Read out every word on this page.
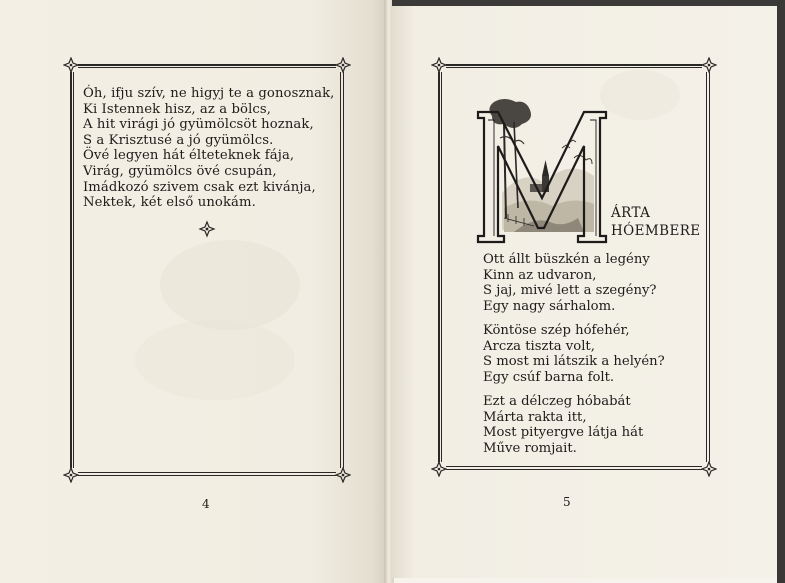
Óh, ifju szív, ne higyj te a gonosznak,
Ki Istennek hisz, az a bölcs,
A hit virági jó gyümölcsöt hoznak,
S a Krisztusé a jó gyümölcs.
Övé legyen hát élteteknek fája,
Virág, gyümölcs övé csupán,
Imádkozó szivem csak ezt kivánja,
Nektek, két első unokám.
4
ÁRTA
HÓEMBERE
Ott állt büszkén a legény
Kinn az udvaron,
S jaj, mivé lett a szegény?
Egy nagy sárhalom.
Köntöse szép hófehér,
Arcza tiszta volt,
S most mi látszik a helyén?
Egy csúf barna folt.
Ezt a délczeg hóbabát
Márta rakta itt,
Most pityergve látja hát
Műve romjait.
5
